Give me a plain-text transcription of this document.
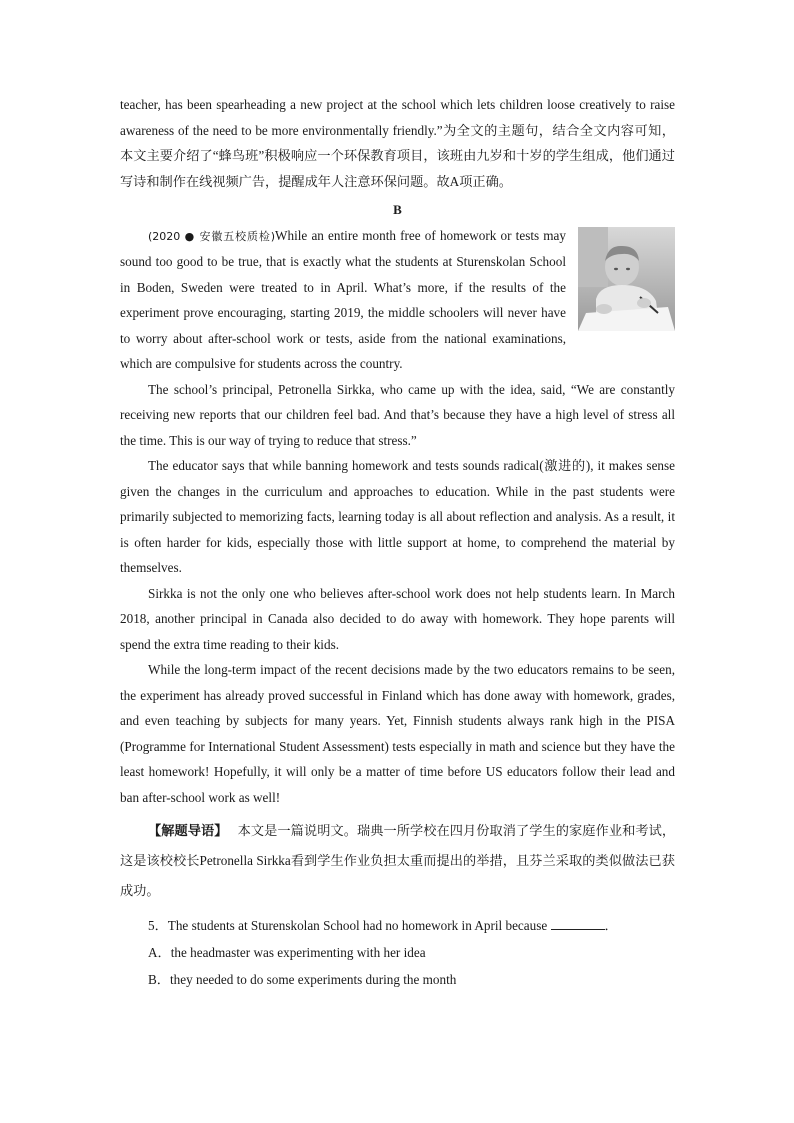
teacher, has been spearheading a new project at the school which lets children loose creatively to raise awareness of the need to be more environmentally friendly.”为全文的主题句，结合全文内容可知，本文主要介绍了“蜂鸟班”积极响应一个环保教育项目，该班由九岁和十岁的学生组成，他们通过写诗和制作在线视频广告，提醒成年人注意环保问题。故A项正确。

B

(2020 ● 安徽五校质检)While an entire month free of homework or tests may sound too good to be true, that is exactly what the students at Sturenskolan School in Boden, Sweden were treated to in April. What’s more, if the results of the experiment prove encouraging, starting 2019, the middle schoolers will never have to worry about after-school work or tests, aside from the national examinations, which are compulsive for students across the country.

The school’s principal, Petronella Sirkka, who came up with the idea, said, “We are constantly receiving new reports that our children feel bad. And that’s because they have a high level of stress all the time. This is our way of trying to reduce that stress.”

The educator says that while banning homework and tests sounds radical(激进的), it makes sense given the changes in the curriculum and approaches to education. While in the past students were primarily subjected to memorizing facts, learning today is all about reflection and analysis. As a result, it is often harder for kids, especially those with little support at home, to comprehend the material by themselves.

Sirkka is not the only one who believes after-school work does not help students learn. In March 2018, another principal in Canada also decided to do away with homework. They hope parents will spend the extra time reading to their kids.

While the long-term impact of the recent decisions made by the two educators remains to be seen, the experiment has already proved successful in Finland which has done away with homework, grades, and even teaching by subjects for many years. Yet, Finnish students always rank high in the PISA (Programme for International Student Assessment) tests especially in math and science but they have the least homework! Hopefully, it will only be a matter of time before US educators follow their lead and ban after-school work as well!

【解题导语】 本文是一篇说明文。瑞典一所学校在四月份取消了学生的家庭作业和考试，这是该校校长Petronella Sirkka看到学生作业负担太重而提出的举措，且芬兰采取的类似做法已获成功。

5．The students at Sturenskolan School had no homework in April because	．

A．the headmaster was experimenting with her idea

B．they needed to do some experiments during the month
